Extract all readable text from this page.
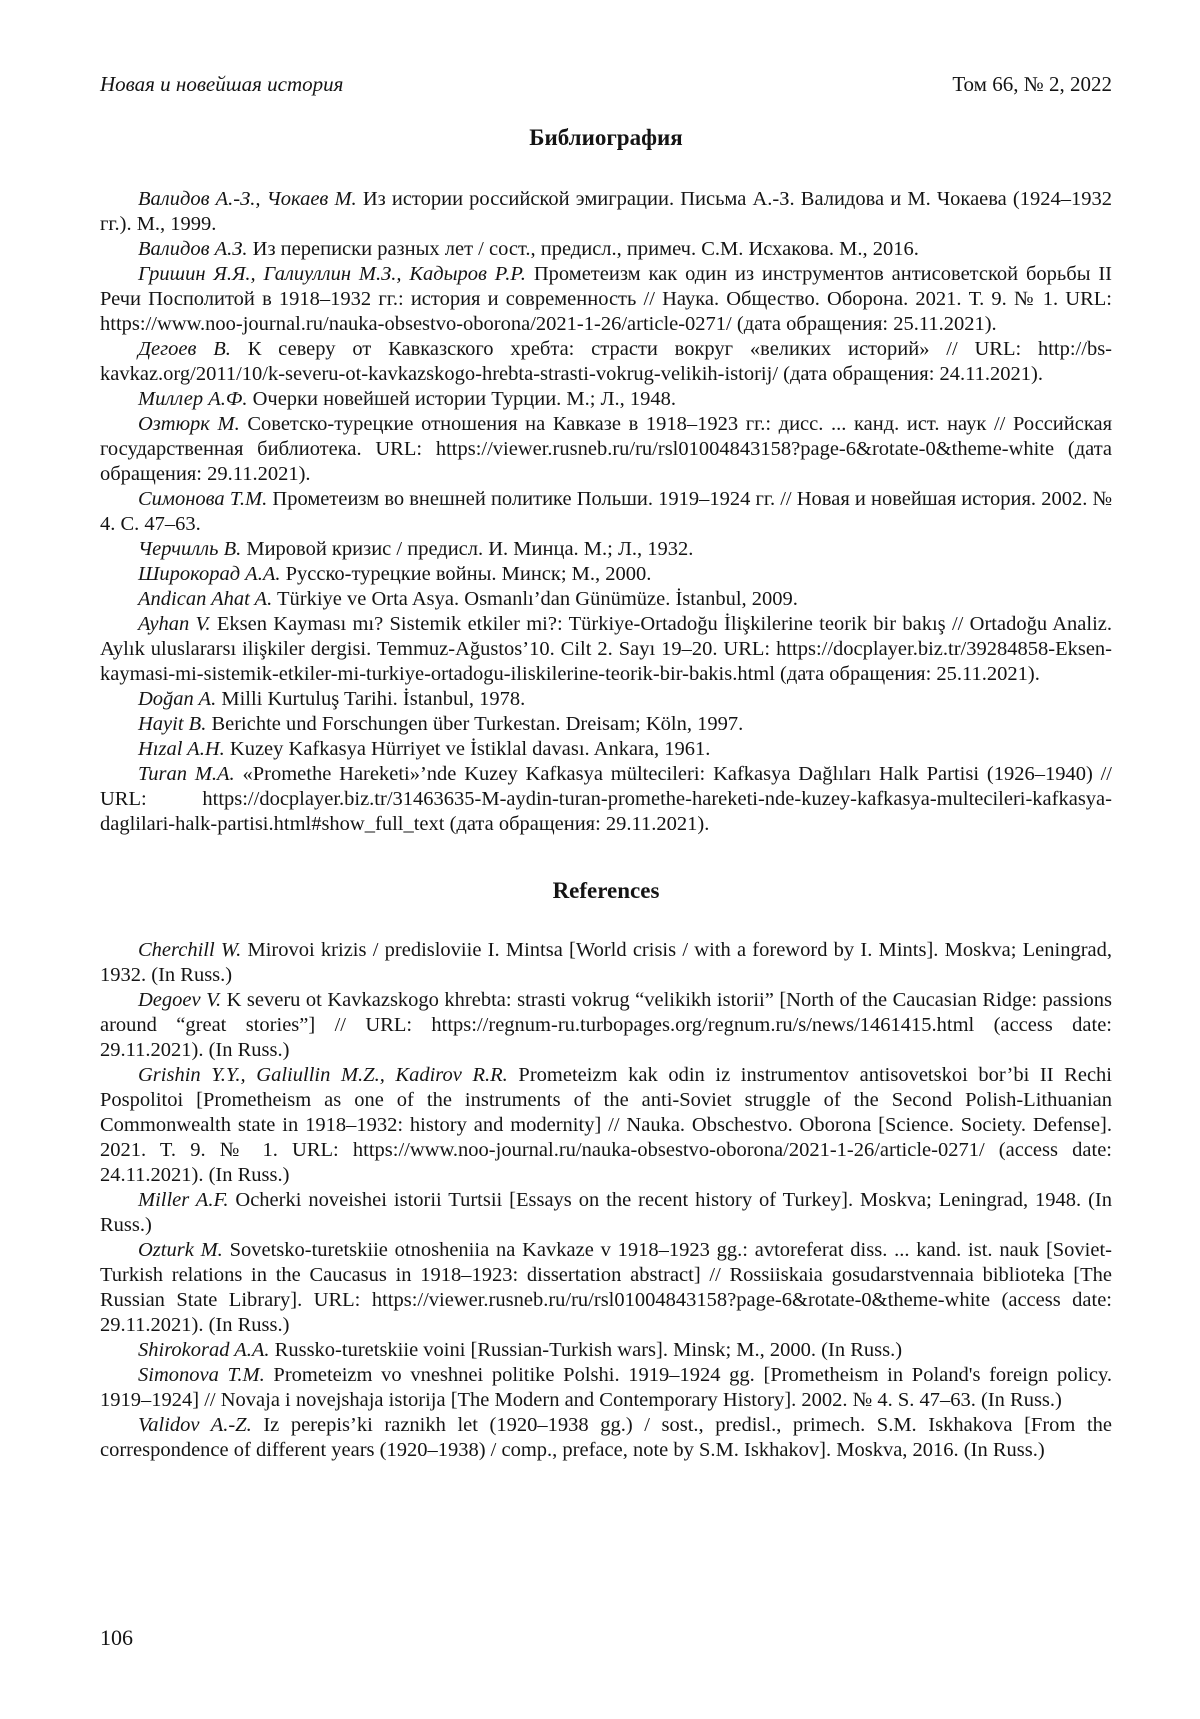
Новая и новейшая история	Том 66, № 2, 2022
Библиография

Валидов А.-З., Чокаев М. Из истории российской эмиграции. Письма А.-З. Валидова и М. Чокаева (1924–1932 гг.). М., 1999.

Валидов А.З. Из переписки разных лет / сост., предисл., примеч. С.М. Исхакова. М., 2016.

Гришин Я.Я., Галиуллин М.З., Кадыров Р.Р. Прометеизм как один из инструментов антисоветской борьбы II Речи Посполитой в 1918–1932 гг.: история и современность // Наука. Общество. Оборона. 2021. Т. 9. № 1. URL: https://www.noo-journal.ru/nauka-obsestvo-oborona/2021-1-26/article-0271/ (дата обращения: 25.11.2021).

Дегоев В. К северу от Кавказского хребта: страсти вокруг «великих историй» // URL: http://bs-kavkaz.org/2011/10/k-severu-ot-kavkazskogo-hrebta-strasti-vokrug-velikih-istorij/ (дата обращения: 24.11.2021).

Миллер А.Ф. Очерки новейшей истории Турции. М.; Л., 1948.

Озтюрк М. Советско-турецкие отношения на Кавказе в 1918–1923 гг.: дисс. ... канд. ист. наук // Российская государственная библиотека. URL: https://viewer.rusneb.ru/ru/rsl01004843158?page-6&rotate-0&theme-white (дата обращения: 29.11.2021).

Симонова Т.М. Прометеизм во внешней политике Польши. 1919–1924 гг. // Новая и новейшая история. 2002. № 4. С. 47–63.

Черчилль В. Мировой кризис / предисл. И. Минца. М.; Л., 1932.

Широкорад А.А. Русско-турецкие войны. Минск; М., 2000.

Andican Ahat A. Türkiye ve Orta Asya. Osmanlı’dan Günümüze. İstanbul, 2009.

Ayhan V. Eksen Kayması mı? Sistemik etkiler mi?: Türkiye-Ortadoğu İlişkilerine teorik bir bakış // Ortadoğu Analiz. Aylık uluslararsı ilişkiler dergisi. Temmuz-Ağustos’10. Cilt 2. Sayı 19–20. URL: https://docplayer.biz.tr/39284858-Eksen-kaymasi-mi-sistemik-etkiler-mi-turkiye-ortadogu-iliskilerine-teorik-bir-bakis.html (дата обращения: 25.11.2021).

Doğan A. Milli Kurtuluş Tarihi. İstanbul, 1978.

Hayit B. Berichte und Forschungen über Turkestan. Dreisam; Köln, 1997.

Hızal A.H. Kuzey Kafkasya Hürriyet ve İstiklal davası. Ankara, 1961.

Turan M.A. «Promethe Hareketi»’nde Kuzey Kafkasya mültecileri: Kafkasya Dağlıları Halk Partisi (1926–1940) // URL: https://docplayer.biz.tr/31463635-M-aydin-turan-promethe-hareketi-nde-kuzey-kafkasya-multecileri-kafkasya-daglilari-halk-partisi.html#show_full_text (дата обращения: 29.11.2021).

References

Cherchill W. Mirovoi krizis / predisloviie I. Mintsa [World crisis / with a foreword by I. Mints]. Moskva; Leningrad, 1932. (In Russ.)

Degoev V. K severu ot Kavkazskogo khrebta: strasti vokrug “velikikh istorii” [North of the Caucasian Ridge: passions around “great stories”] // URL: https://regnum-ru.turbopages.org/regnum.ru/s/news/1461415.html (access date: 29.11.2021). (In Russ.)

Grishin Y.Y., Galiullin M.Z., Kadirov R.R. Prometeizm kak odin iz instrumentov antisovetskoi bor’bi II Rechi Pospolitoi [Prometheism as one of the instruments of the anti-Soviet struggle of the Second Polish-Lithuanian Commonwealth state in 1918–1932: history and modernity] // Nauka. Obschestvo. Oborona [Science. Society. Defense]. 2021. T. 9. № 1. URL: https://www.noo-journal.ru/nauka-obsestvo-oborona/2021-1-26/article-0271/ (access date: 24.11.2021). (In Russ.)

Miller A.F. Ocherki noveishei istorii Turtsii [Essays on the recent history of Turkey]. Moskva; Leningrad, 1948. (In Russ.)

Ozturk M. Sovetsko-turetskiie otnosheniia na Kavkaze v 1918–1923 gg.: avtoreferat diss. ... kand. ist. nauk [Soviet-Turkish relations in the Caucasus in 1918–1923: dissertation abstract] // Rossiiskaia gosudarstvennaia biblioteka [The Russian State Library]. URL: https://viewer.rusneb.ru/ru/rsl01004843158?page-6&rotate-0&theme-white (access date: 29.11.2021). (In Russ.)

Shirokorad A.A. Russko-turetskiie voini [Russian-Turkish wars]. Minsk; M., 2000. (In Russ.)

Simonova T.M. Prometeizm vo vneshnei politike Polshi. 1919–1924 gg. [Prometheism in Poland's foreign policy. 1919–1924] // Novaja i novejshaja istorija [The Modern and Contemporary History]. 2002. № 4. S. 47–63. (In Russ.)

Validov A.-Z. Iz perepis’ki raznikh let (1920–1938 gg.) / sost., predisl., primech. S.M. Iskhakova [From the correspondence of different years (1920–1938) / comp., preface, note by S.M. Iskhakov]. Moskva, 2016. (In Russ.)

106
